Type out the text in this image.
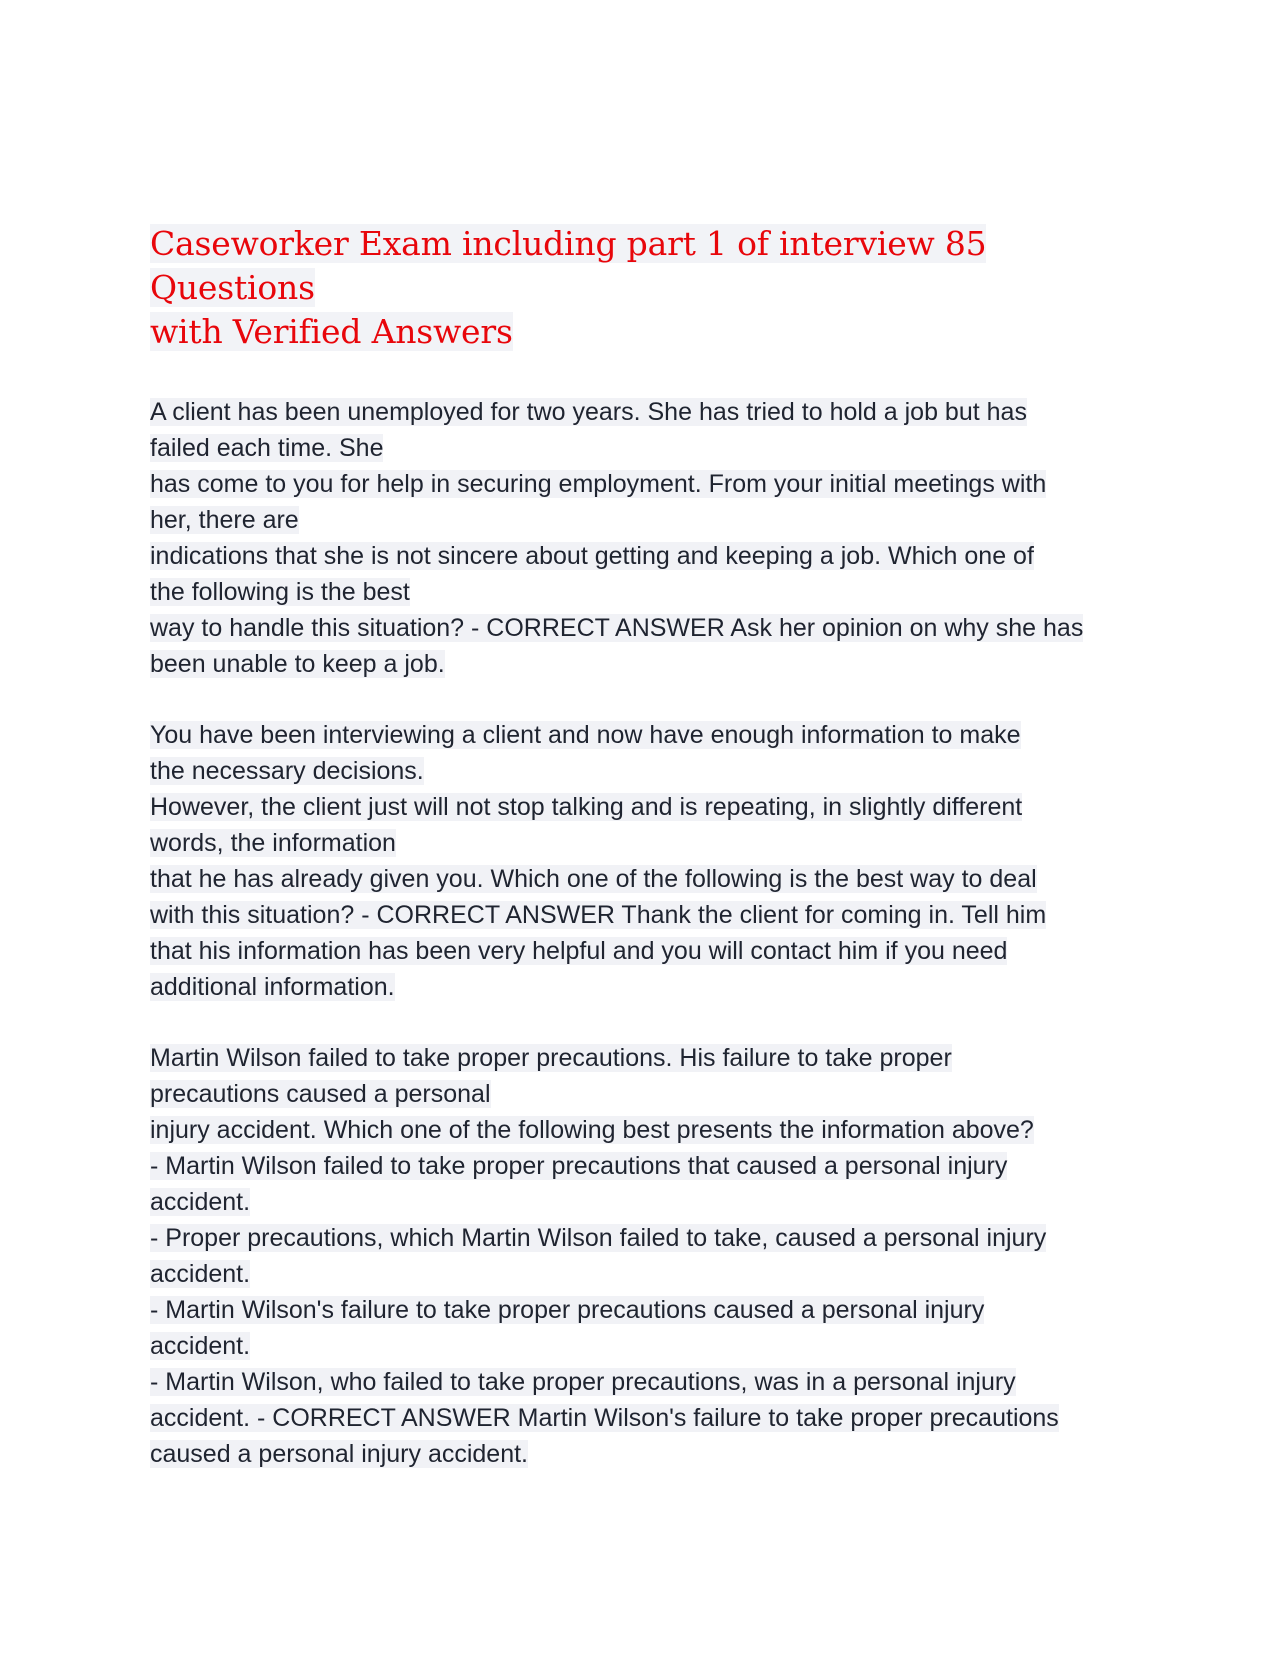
Caseworker Exam including part 1 of interview 85 Questions
with Verified Answers
A client has been unemployed for two years. She has tried to hold a job but has
failed each time. She
has come to you for help in securing employment. From your initial meetings with
her, there are
indications that she is not sincere about getting and keeping a job. Which one of
the following is the best
way to handle this situation? - CORRECT ANSWER Ask her opinion on why she has
been unable to keep a job.
You have been interviewing a client and now have enough information to make
the necessary decisions.
However, the client just will not stop talking and is repeating, in slightly different
words, the information
that he has already given you. Which one of the following is the best way to deal
with this situation? - CORRECT ANSWER Thank the client for coming in. Tell him
that his information has been very helpful and you will contact him if you need
additional information.
Martin Wilson failed to take proper precautions. His failure to take proper
precautions caused a personal
injury accident. Which one of the following best presents the information above?
- Martin Wilson failed to take proper precautions that caused a personal injury
accident.
- Proper precautions, which Martin Wilson failed to take, caused a personal injury
accident.
- Martin Wilson's failure to take proper precautions caused a personal injury
accident.
- Martin Wilson, who failed to take proper precautions, was in a personal injury
accident. - CORRECT ANSWER Martin Wilson's failure to take proper precautions
caused a personal injury accident.
